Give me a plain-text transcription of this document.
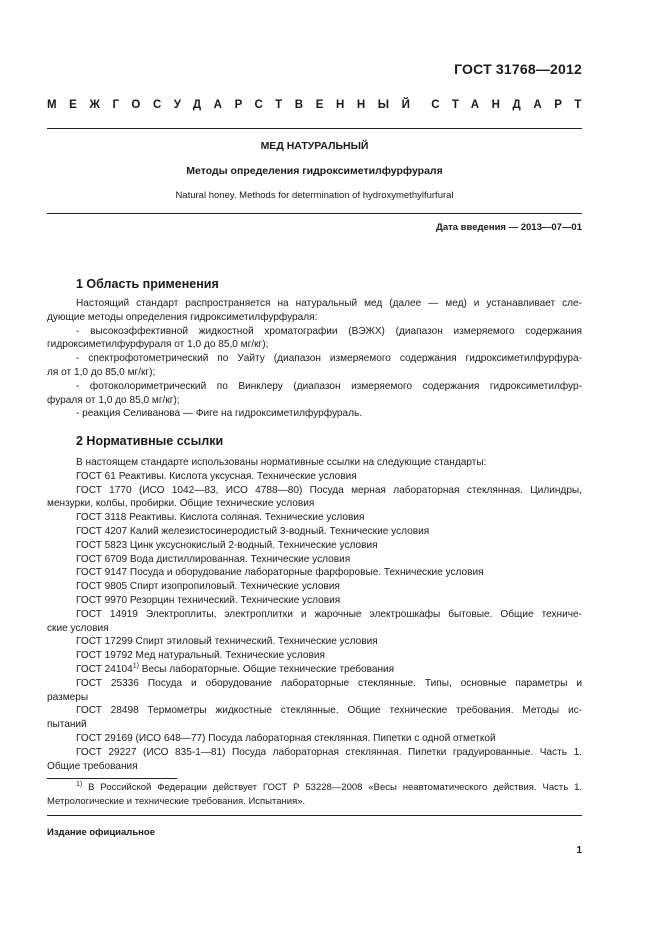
ГОСТ 31768—2012
МЕЖГОСУДАРСТВЕННЫЙ СТАНДАРТ
МЕД НАТУРАЛЬНЫЙ
Методы определения гидроксиметилфурфураля
Natural honey. Methods for determination of hydroxymethylfurfural
Дата введения — 2013—07—01
1 Область применения
Настоящий стандарт распространяется на натуральный мед (далее — мед) и устанавливает сле-
дующие методы определения гидроксиметилфурфураля:
- высокоэффективной жидкостной хроматографии (ВЭЖХ) (диапазон измеряемого содержания
гидроксиметилфурфураля от 1,0 до 85,0 мг/кг);
- спектрофотометрический по Уайту (диапазон измеряемого содержания гидроксиметилфурфура-
ля от 1,0 до 85,0 мг/кг);
- фотоколориметрический по Винклеру (диапазон измеряемого содержания гидроксиметилфур-
фураля от 1,0 до 85,0 мг/кг);
- реакция Селиванова — Фиге на гидроксиметилфурфураль.
2 Нормативные ссылки
В настоящем стандарте использованы нормативные ссылки на следующие стандарты:
ГОСТ 61 Реактивы. Кислота уксусная. Технические условия
ГОСТ 1770 (ИСО 1042—83, ИСО 4788—80) Посуда мерная лабораторная стеклянная. Цилиндры,
мензурки, колбы, пробирки. Общие технические условия
ГОСТ 3118 Реактивы. Кислота соляная. Технические условия
ГОСТ 4207 Калий железистосинеродистый 3-водный. Технические условия
ГОСТ 5823 Цинк уксуснокислый 2-водный. Технические условия
ГОСТ 6709 Вода дистиллированная. Технические условия
ГОСТ 9147 Посуда и оборудование лабораторные фарфоровые. Технические условия
ГОСТ 9805 Спирт изопропиловый. Технические условия
ГОСТ 9970 Резорцин технический. Технические условия
ГОСТ 14919 Электроплиты, электроплитки и жарочные электрошкафы бытовые. Общие техниче-
ские условия
ГОСТ 17299 Спирт этиловый технический. Технические условия
ГОСТ 19792 Мед натуральный. Технические условия
ГОСТ 24104$^{1)}$ Весы лабораторные. Общие технические требования
ГОСТ 25336 Посуда и оборудование лабораторные стеклянные. Типы, основные параметры и
размеры
ГОСТ 28498 Термометры жидкостные стеклянные. Общие технические требования. Методы ис-
пытаний
ГОСТ 29169 (ИСО 648—77) Посуда лабораторная стеклянная. Пипетки с одной отметкой
ГОСТ 29227 (ИСО 835-1—81) Посуда лабораторная стеклянная. Пипетки градуированные. Часть 1.
Общие требования
$^{1)}$ В Российской Федерации действует ГОСТ Р 53228—2008 «Весы неавтоматического действия. Часть 1.
Метрологические и технические требования. Испытания».
Издание официальное
1
